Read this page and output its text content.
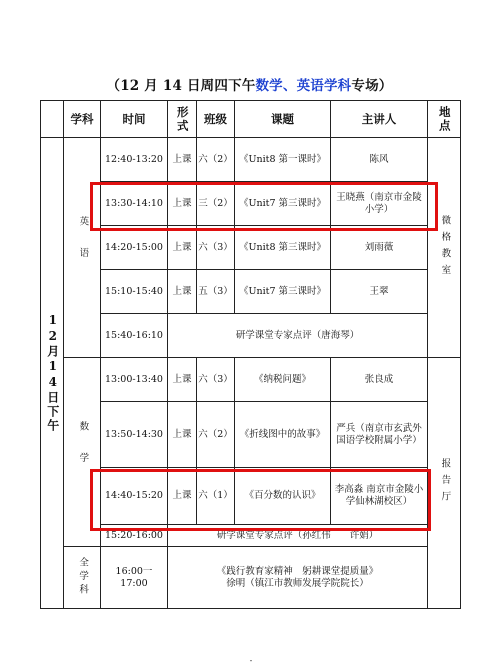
（12 月 14 日周四下午数学、英语学科专场）
	学科	时间	形式	班级	课题	主讲人	地点

12月14日下午	英语	12:40-13:20	上课	六（2）	《Unit8 第一课时》	陈风	微格教室

		13:30-14:10	上课	三（2）	《Unit7 第三课时》	王晓燕（南京市金陵小学）	
		14:20-15:00	上课	六（3）	《Unit8 第三课时》	刘雨薇	
		15:10-15:40	上课	五（3）	《Unit7 第三课时》	王翠	
		15:40-16:10	研学课堂专家点评（唐海琴）				

	数学	13:00-13:40	上课	六（3）	《纳税问题》	张良成	报告厅

		13:50-14:30	上课	六（2）	《折线图中的故事》	严兵（南京市玄武外国语学校附属小学）	
		14:40-15:20	上课	六（1）	《百分数的认识》	李高淼 南京市金陵小学仙林湖校区）	
		15:20-16:00	研学课堂专家点评（孙红伟　　许娟）				

	全学科	16:00一17:00	《践行教育家精神　躬耕课堂提质量》
徐明（镇江市教师发展学院院长）				
-
